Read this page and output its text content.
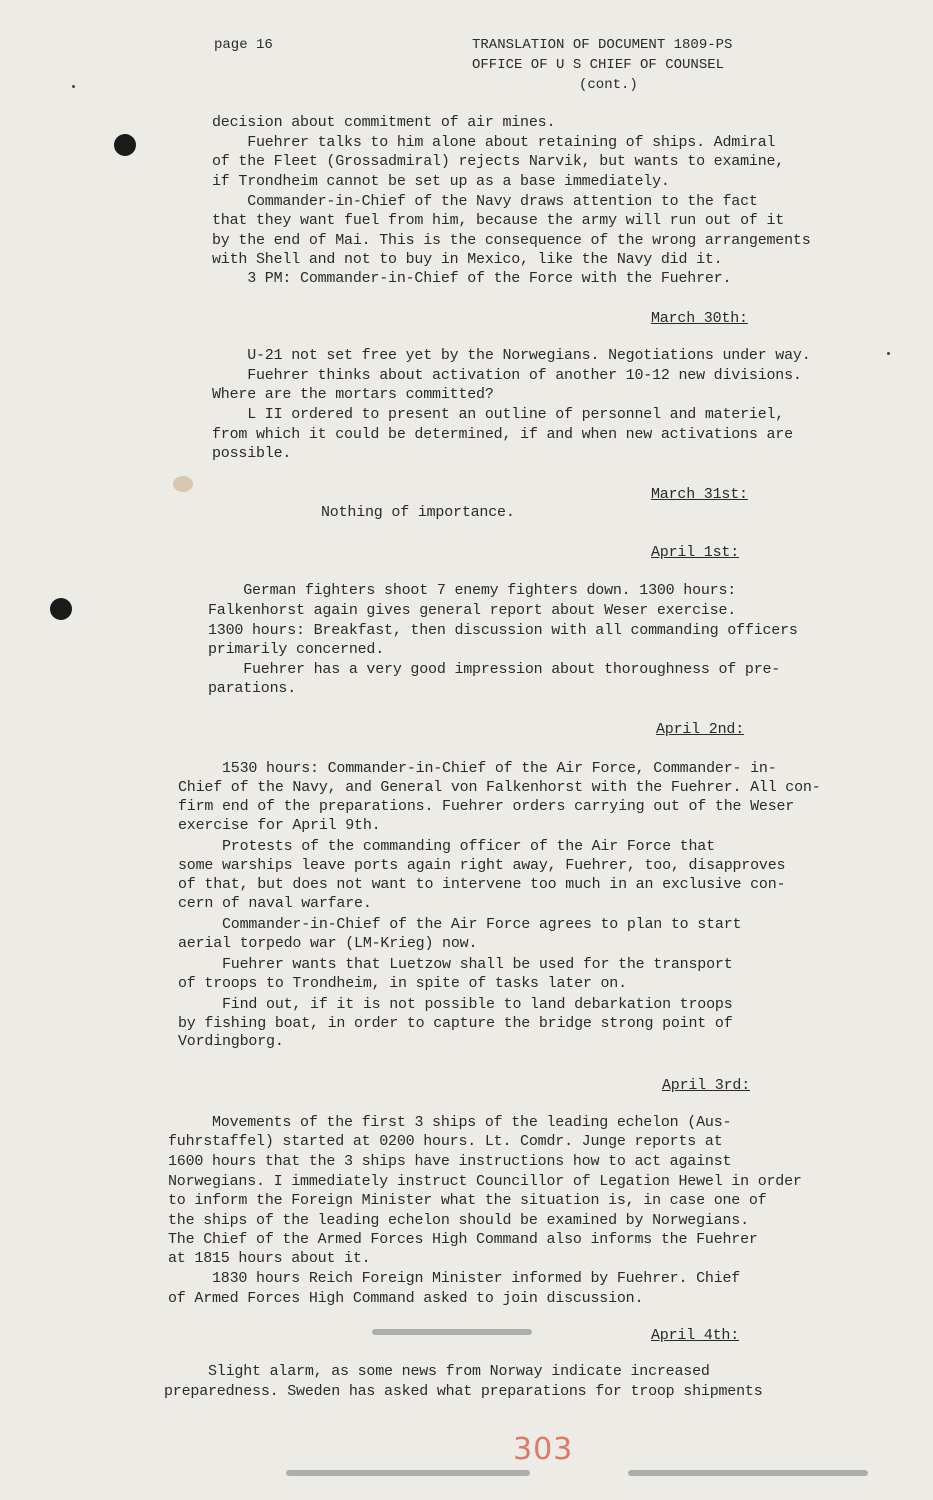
page 16	TRANSLATION OF DOCUMENT 1809-PS
OFFICE OF U S CHIEF OF COUNSEL
(cont.)
decision about commitment of air mines.
Fuehrer talks to him alone about retaining of ships. Admiral
of the Fleet (Grossadmiral) rejects Narvik, but wants to examine,
if Trondheim cannot be set up as a base immediately.
Commander-in-Chief of the Navy draws attention to the fact
that they want fuel from him, because the army will run out of it
by the end of Mai. This is the consequence of the wrong arrangements
with Shell and not to buy in Mexico, like the Navy did it.
3 PM: Commander-in-Chief of the Force with the Fuehrer.
March 30th:
U-21 not set free yet by the Norwegians. Negotiations under way.
Fuehrer thinks about activation of another 10-12 new divisions.
Where are the mortars committed?
L II ordered to present an outline of personnel and materiel,
from which it could be determined, if and when new activations are
possible.
March 31st:
Nothing of importance.
April 1st:
German fighters shoot 7 enemy fighters down. 1300 hours:
Falkenhorst again gives general report about Weser exercise.
1300 hours: Breakfast, then discussion with all commanding officers
primarily concerned.
Fuehrer has a very good impression about thoroughness of pre-
parations.
April 2nd:
1530 hours: Commander-in-Chief of the Air Force, Commander- in-
Chief of the Navy, and General von Falkenhorst with the Fuehrer. All con-
firm end of the preparations. Fuehrer orders carrying out of the Weser
exercise for April 9th.
Protests of the commanding officer of the Air Force that
some warships leave ports again right away, Fuehrer, too, disapproves
of that, but does not want to intervene too much in an exclusive con-
cern of naval warfare.
Commander-in-Chief of the Air Force agrees to plan to start
aerial torpedo war (LM-Krieg) now.
Fuehrer wants that Luetzow shall be used for the transport
of troops to Trondheim, in spite of tasks later on.
Find out, if it is not possible to land debarkation troops
by fishing boat, in order to capture the bridge strong point of
Vordingborg.
April 3rd:
Movements of the first 3 ships of the leading echelon (Aus-
fuhrstaffel) started at 0200 hours. Lt. Comdr. Junge reports at
1600 hours that the 3 ships have instructions how to act against
Norwegians. I immediately instruct Councillor of Legation Hewel in order
to inform the Foreign Minister what the situation is, in case one of
the ships of the leading echelon should be examined by Norwegians.
The Chief of the Armed Forces High Command also informs the Fuehrer
at 1815 hours about it.
1830 hours Reich Foreign Minister informed by Fuehrer. Chief
of Armed Forces High Command asked to join discussion.
April 4th:
Slight alarm, as some news from Norway indicate increased
preparedness. Sweden has asked what preparations for troop shipments
303
